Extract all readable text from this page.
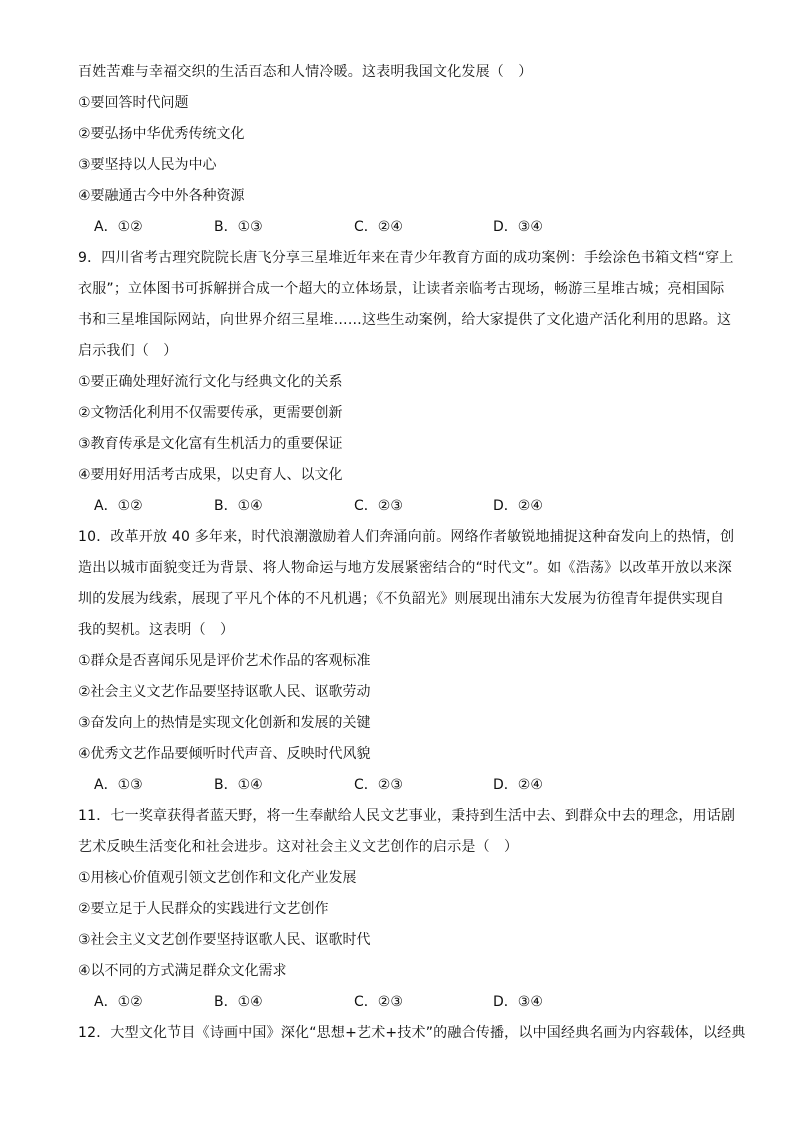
百姓苦难与幸福交织的生活百态和人情冷暖。这表明我国文化发展（　）
①要回答时代问题
②要弘扬中华优秀传统文化
③要坚持以人民为中心
④要融通古今中外各种资源
A．①②	B．①③	C．②④	D．③④
9．四川省考古理究院院长唐飞分享三星堆近年来在青少年教育方面的成功案例：手绘涂色书箱文档“穿上
衣服”；立体图书可拆解拼合成一个超大的立体场景，让读者亲临考古现场，畅游三星堆古城；亮相国际
书和三星堆国际网站，向世界介绍三星堆……这些生动案例，给大家提供了文化遗产活化利用的思路。这
启示我们（　）
①要正确处理好流行文化与经典文化的关系
②文物活化利用不仅需要传承，更需要创新
③教育传承是文化富有生机活力的重要保证
④要用好用活考古成果，以史育人、以文化
A．①②	B．①④	C．②③	D．②④
10．改革开放 40 多年来，时代浪潮激励着人们奔涌向前。网络作者敏锐地捕捉这种奋发向上的热情，创
造出以城市面貌变迁为背景、将人物命运与地方发展紧密结合的“时代文”。如《浩荡》以改革开放以来深
圳的发展为线索，展现了平凡个体的不凡机遇；《不负韶光》则展现出浦东大发展为彷徨青年提供实现自
我的契机。这表明（　）
①群众是否喜闻乐见是评价艺术作品的客观标准
②社会主义文艺作品要坚持讴歌人民、讴歌劳动
③奋发向上的热情是实现文化创新和发展的关键
④优秀文艺作品要倾听时代声音、反映时代风貌
A．①③	B．①④	C．②③	D．②④
11．七一奖章获得者蓝天野，将一生奉献给人民文艺事业，秉持到生活中去、到群众中去的理念，用话剧
艺术反映生活变化和社会进步。这对社会主义文艺创作的启示是（　）
①用核心价值观引领文艺创作和文化产业发展
②要立足于人民群众的实践进行文艺创作
③社会主义文艺创作要坚持讴歌人民、讴歌时代
④以不同的方式满足群众文化需求
A．①②	B．①④	C．②③	D．③④
12．大型文化节目《诗画中国》深化“思想+艺术+技术”的融合传播，以中国经典名画为内容载体，以经典
